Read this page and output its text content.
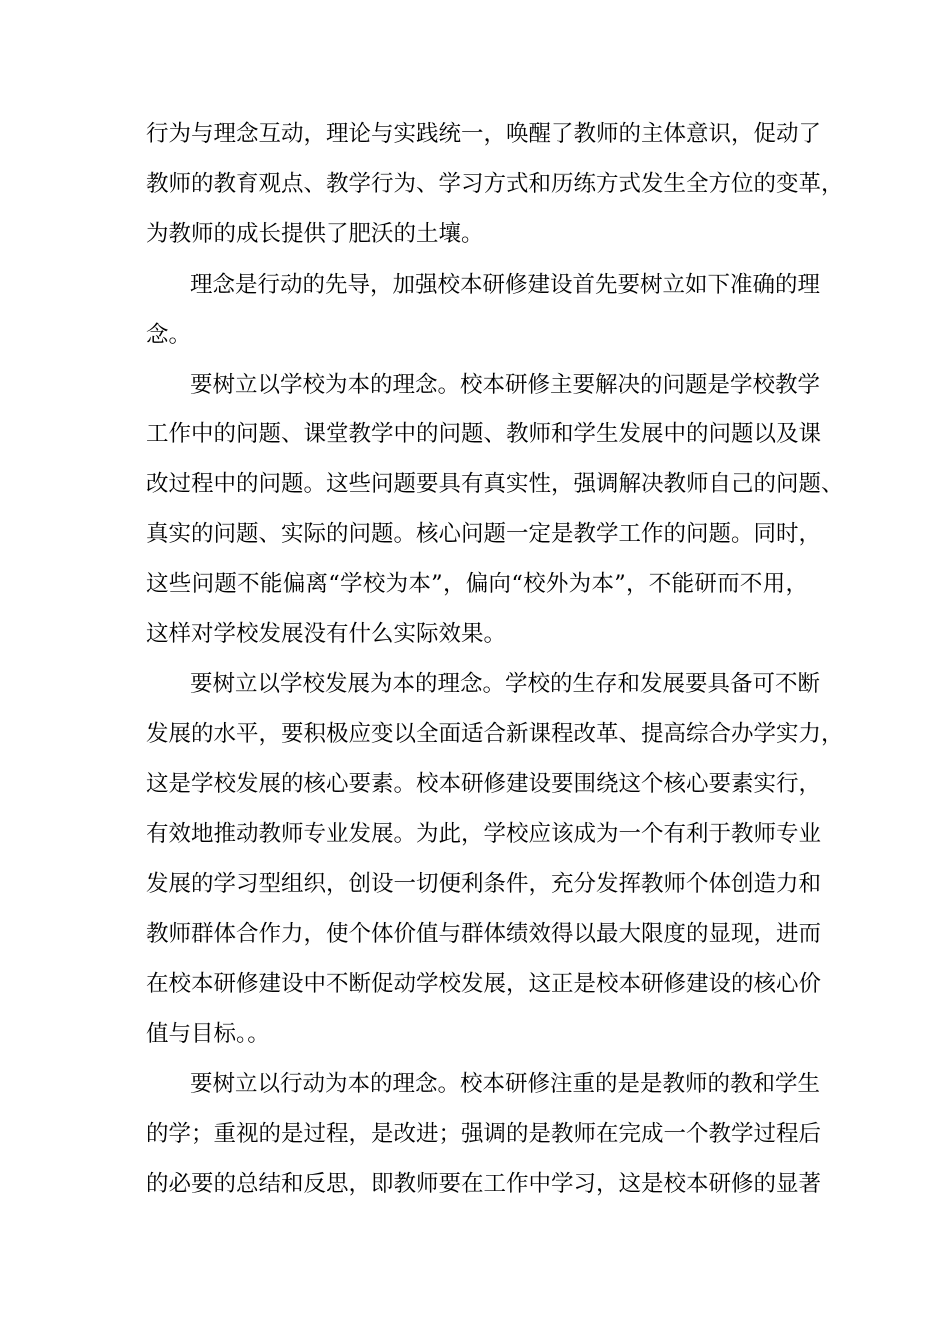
行为与理念互动，理论与实践统一，唤醒了教师的主体意识，促动了
教师的教育观点、教学行为、学习方式和历练方式发生全方位的变革，
为教师的成长提供了肥沃的土壤。
理念是行动的先导，加强校本研修建设首先要树立如下准确的理
念。
要树立以学校为本的理念。校本研修主要解决的问题是学校教学
工作中的问题、课堂教学中的问题、教师和学生发展中的问题以及课
改过程中的问题。这些问题要具有真实性，强调解决教师自己的问题、
真实的问题、实际的问题。核心问题一定是教学工作的问题。同时，
这些问题不能偏离“学校为本”，偏向“校外为本”，不能研而不用，
这样对学校发展没有什么实际效果。
要树立以学校发展为本的理念。学校的生存和发展要具备可不断
发展的水平，要积极应变以全面适合新课程改革、提高综合办学实力，
这是学校发展的核心要素。校本研修建设要围绕这个核心要素实行，
有效地推动教师专业发展。为此，学校应该成为一个有利于教师专业
发展的学习型组织，创设一切便利条件，充分发挥教师个体创造力和
教师群体合作力，使个体价值与群体绩效得以最大限度的显现，进而
在校本研修建设中不断促动学校发展，这正是校本研修建设的核心价
值与目标。。
要树立以行动为本的理念。校本研修注重的是是教师的教和学生
的学；重视的是过程，是改进；强调的是教师在完成一个教学过程后
的必要的总结和反思，即教师要在工作中学习，这是校本研修的显著
